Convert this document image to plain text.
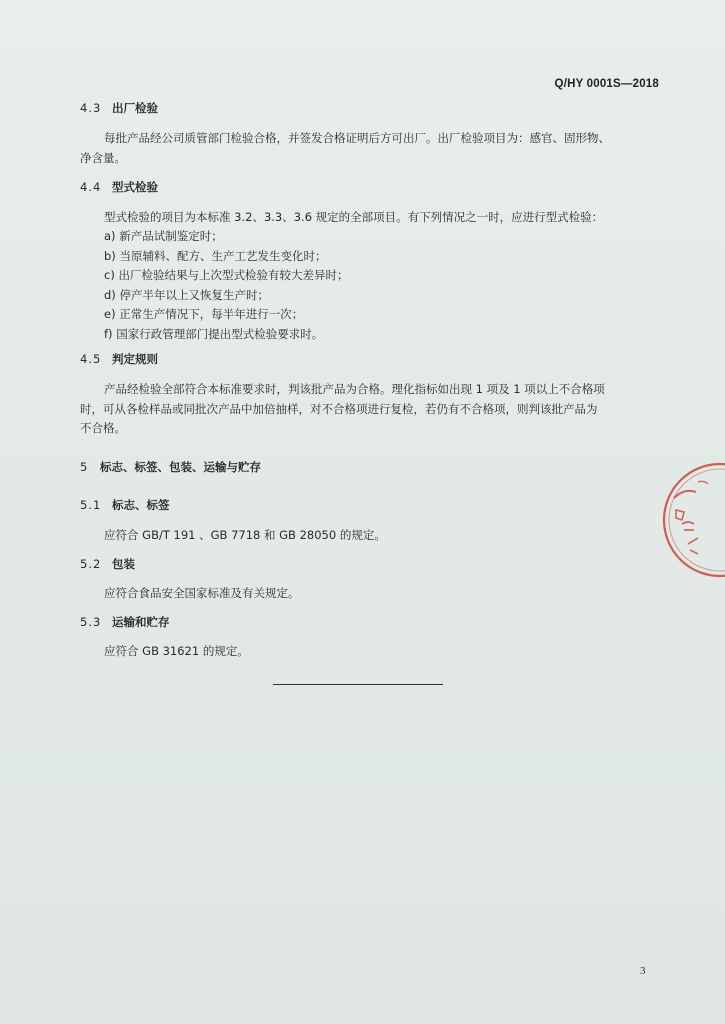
Q/HY 0001S—2018
4.3 出厂检验
每批产品经公司质管部门检验合格，并签发合格证明后方可出厂。出厂检验项目为：感官、固形物、
净含量。
4.4 型式检验
型式检验的项目为本标准 3.2、3.3、3.6 规定的全部项目。有下列情况之一时，应进行型式检验：
a) 新产品试制鉴定时；
b) 当原辅料、配方、生产工艺发生变化时；
c) 出厂检验结果与上次型式检验有较大差异时；
d) 停产半年以上又恢复生产时；
e) 正常生产情况下，每半年进行一次；
f) 国家行政管理部门提出型式检验要求时。
4.5 判定规则
产品经检验全部符合本标准要求时，判该批产品为合格。理化指标如出现 1 项及 1 项以上不合格项
时，可从各检样品或同批次产品中加倍抽样，对不合格项进行复检，若仍有不合格项，则判该批产品为
不合格。
5 标志、标签、包装、运输与贮存
5.1 标志、标签
应符合 GB/T 191 、GB 7718 和 GB 28050 的规定。
5.2 包装
应符合食品安全国家标准及有关规定。
5.3 运输和贮存
应符合 GB 31621 的规定。
3
